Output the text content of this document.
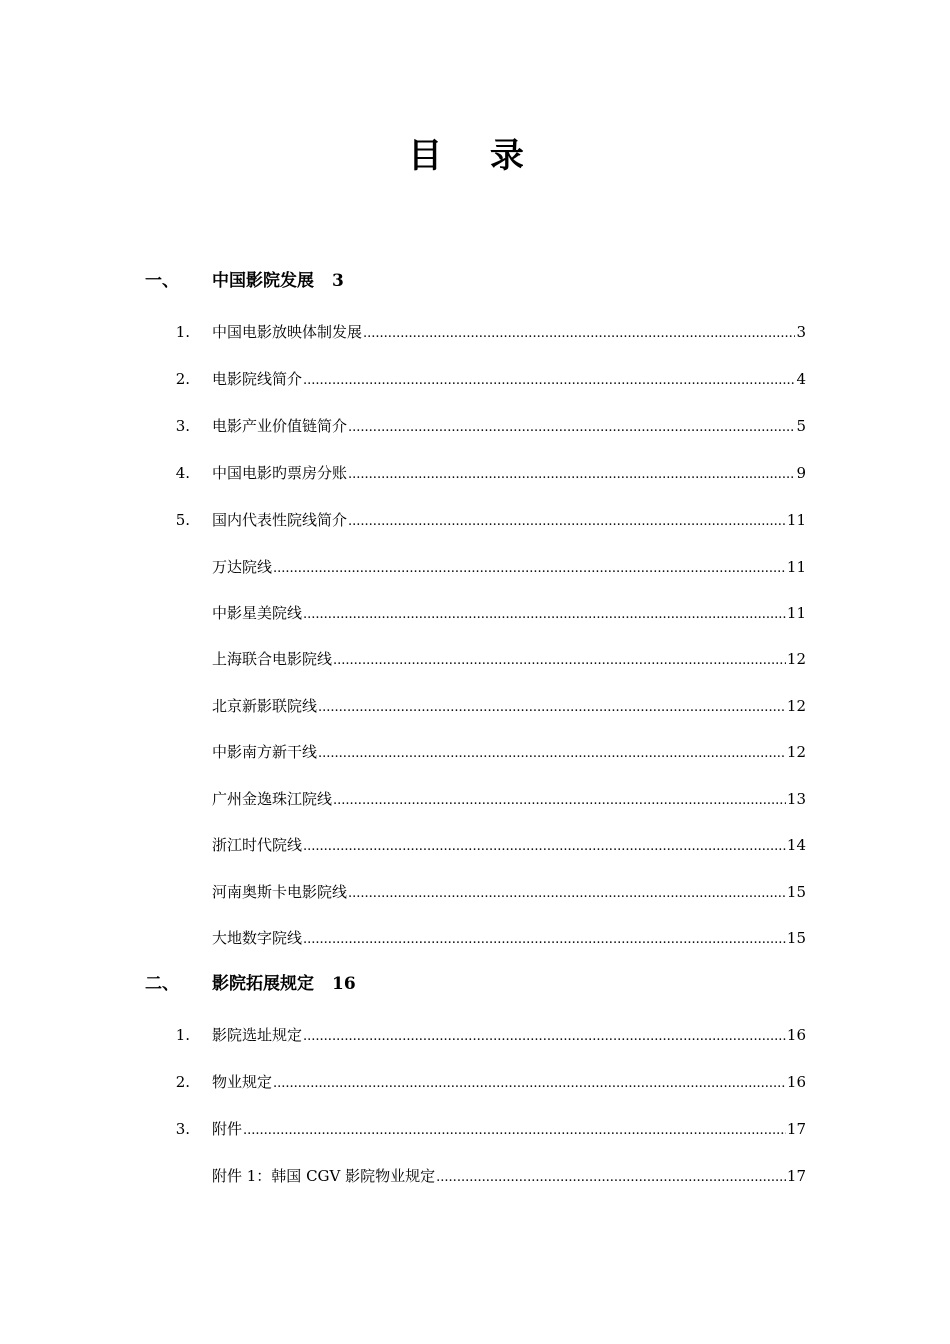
目 录
一、 中国影院发展 3
1. 中国电影放映体制发展 .....	3
2. 电影院线简介 .....	4
3. 电影产业价值链简介 .....	5
4. 中国电影旳票房分账 .....	9
5. 国内代表性院线简介 .....	11
万达院线 .....	11
中影星美院线 .....	11
上海联合电影院线 .....	12
北京新影联院线 .....	12
中影南方新干线 .....	12
广州金逸珠江院线 .....	13
浙江时代院线 .....	14
河南奥斯卡电影院线 .....	15
大地数字院线 .....	15
二、 影院拓展规定 16
1. 影院选址规定 .....	16
2. 物业规定 .....	16
3. 附件 .....	17
附件 1：韩国 CGV 影院物业规定 .....	17
